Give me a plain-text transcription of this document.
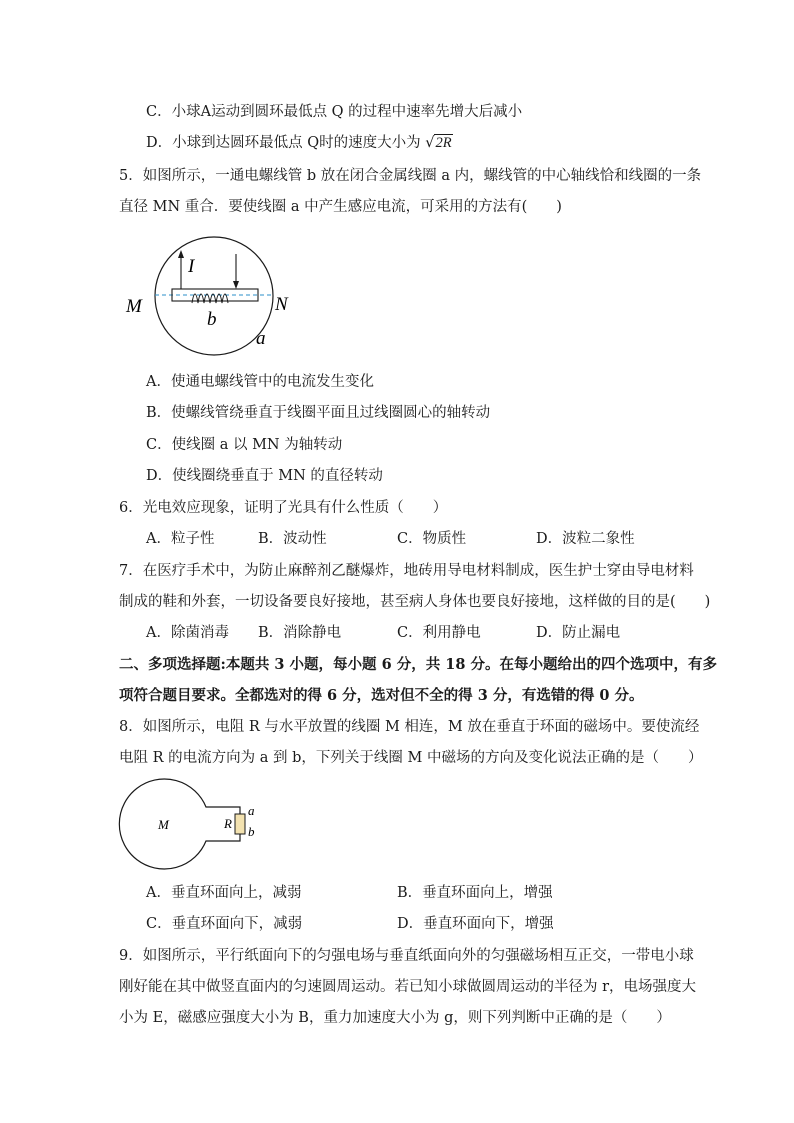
C．小球A运动到圆环最低点 Q 的过程中速率先增大后减小
D．小球到达圆环最低点 Q时的速度大小为 √2R
5．如图所示，一通电螺线管 b 放在闭合金属线圈 a 内，螺线管的中心轴线恰和线圈的一条
直径 MN 重合．要使线圈 a 中产生感应电流，可采用的方法有(　　)
I
M	N
b
a
A．使通电螺线管中的电流发生变化
B．使螺线管绕垂直于线圈平面且过线圈圆心的轴转动
C．使线圈 a 以 MN 为轴转动
D．使线圈绕垂直于 MN 的直径转动
6．光电效应现象，证明了光具有什么性质（　　）
A．粒子性	B．波动性	C．物质性	D．波粒二象性
7．在医疗手术中，为防止麻醉剂乙醚爆炸，地砖用导电材料制成，医生护士穿由导电材料
制成的鞋和外套，一切设备要良好接地，甚至病人身体也要良好接地，这样做的目的是(　　)
A．除菌消毒 B．消除静电	C．利用静电	D．防止漏电
二、多项选择题:本题共 3 小题，每小题 6 分，共 18 分。在每小题给出的四个选项中，有多
项符合题目要求。全都选对的得 6 分，选对但不全的得 3 分，有选错的得 0 分。
8．如图所示，电阻 R 与水平放置的线圈 M 相连，M 放在垂直于环面的磁场中。要使流经
电阻 R 的电流方向为 a 到 b，下列关于线圈 M 中磁场的方向及变化说法正确的是（　　）
M	R
a
b
A．垂直环面向上，减弱	B．垂直环面向上，增强
C．垂直环面向下，减弱	D．垂直环面向下，增强
9．如图所示，平行纸面向下的匀强电场与垂直纸面向外的匀强磁场相互正交，一带电小球
刚好能在其中做竖直面内的匀速圆周运动。若已知小球做圆周运动的半径为 r，电场强度大
小为 E，磁感应强度大小为 B，重力加速度大小为 g，则下列判断中正确的是（　　）
